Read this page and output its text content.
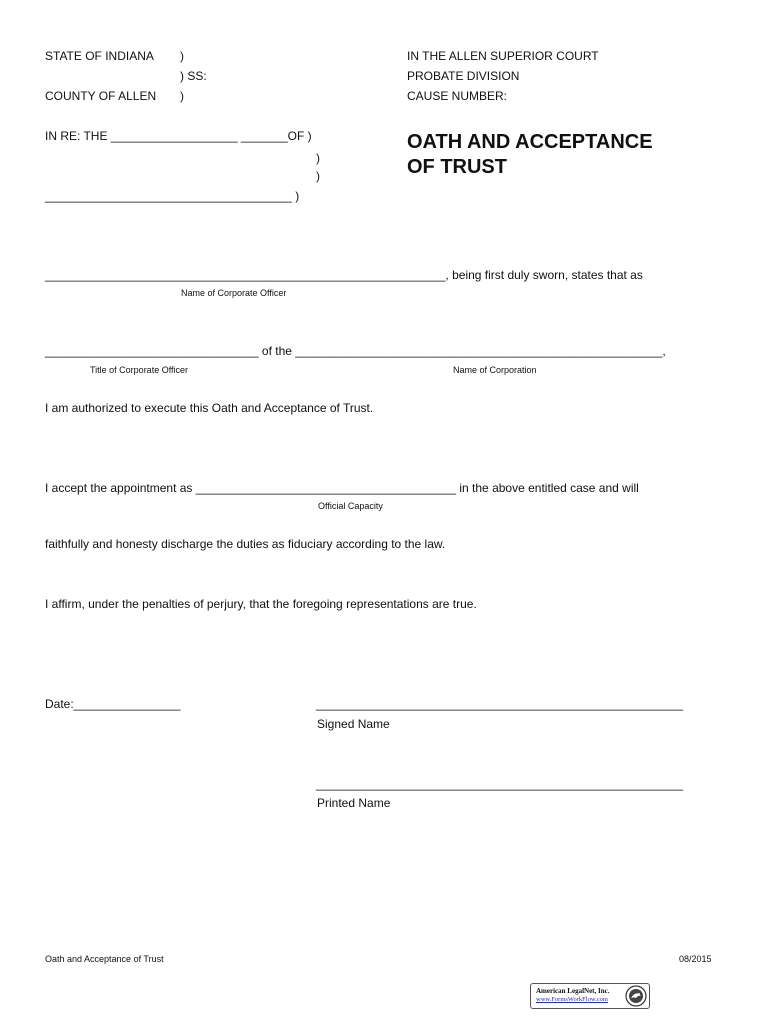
STATE OF INDIANA )
) SS:
COUNTY OF ALLEN )
IN THE ALLEN SUPERIOR COURT
PROBATE DIVISION
CAUSE NUMBER:
IN RE: THE ___________________ _______OF )
)
)
_____________________________________ )
OATH AND ACCEPTANCE
OF TRUST
____________________________________________________________, being first duly sworn, states that as
Name of Corporate Officer
________________________________ of the _______________________________________________________,
Title of Corporate Officer	Name of Corporation
I am authorized to execute this Oath and Acceptance of Trust.
I accept the appointment as _______________________________________ in the above entitled case and will
Official Capacity
faithfully and honesty discharge the duties as fiduciary according to the law.
I affirm, under the penalties of perjury, that the foregoing representations are true.
Date:________________	_______________________________________________________
Signed Name
_______________________________________________________
Printed Name
Oath and Acceptance of Trust	08/2015
American LegalNet, Inc.
www.FormsWorkFlow.com
